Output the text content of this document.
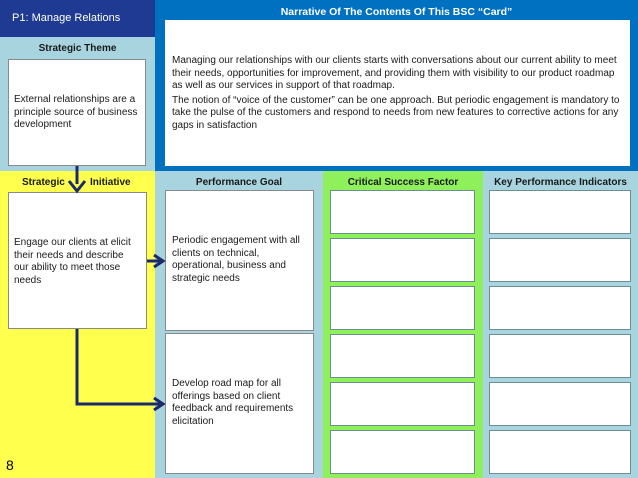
P1: Manage Relations	Narrative Of The Contents Of This BSC “Card”
Managing our relationships with our clients starts with conversations about our current ability to meet their needs, opportunities for improvement, and providing them with visibility to our product roadmap as well as our services in support of that roadmap.
The notion of “voice of the customer” can be one approach. But periodic engagement is mandatory to take the pulse of the customers and respond to needs from new features to corrective actions for any gaps in satisfaction
Strategic Theme
External relationships are a principle source of business development
Strategic	Initiative	Performance Goal	Critical Success Factor	Key Performance Indicators
Engage our clients at elicit their needs and describe our ability to meet those needs
Periodic engagement with all clients on technical, operational, business and strategic needs
Develop road map for all offerings based on client feedback and requirements elicitation
8
